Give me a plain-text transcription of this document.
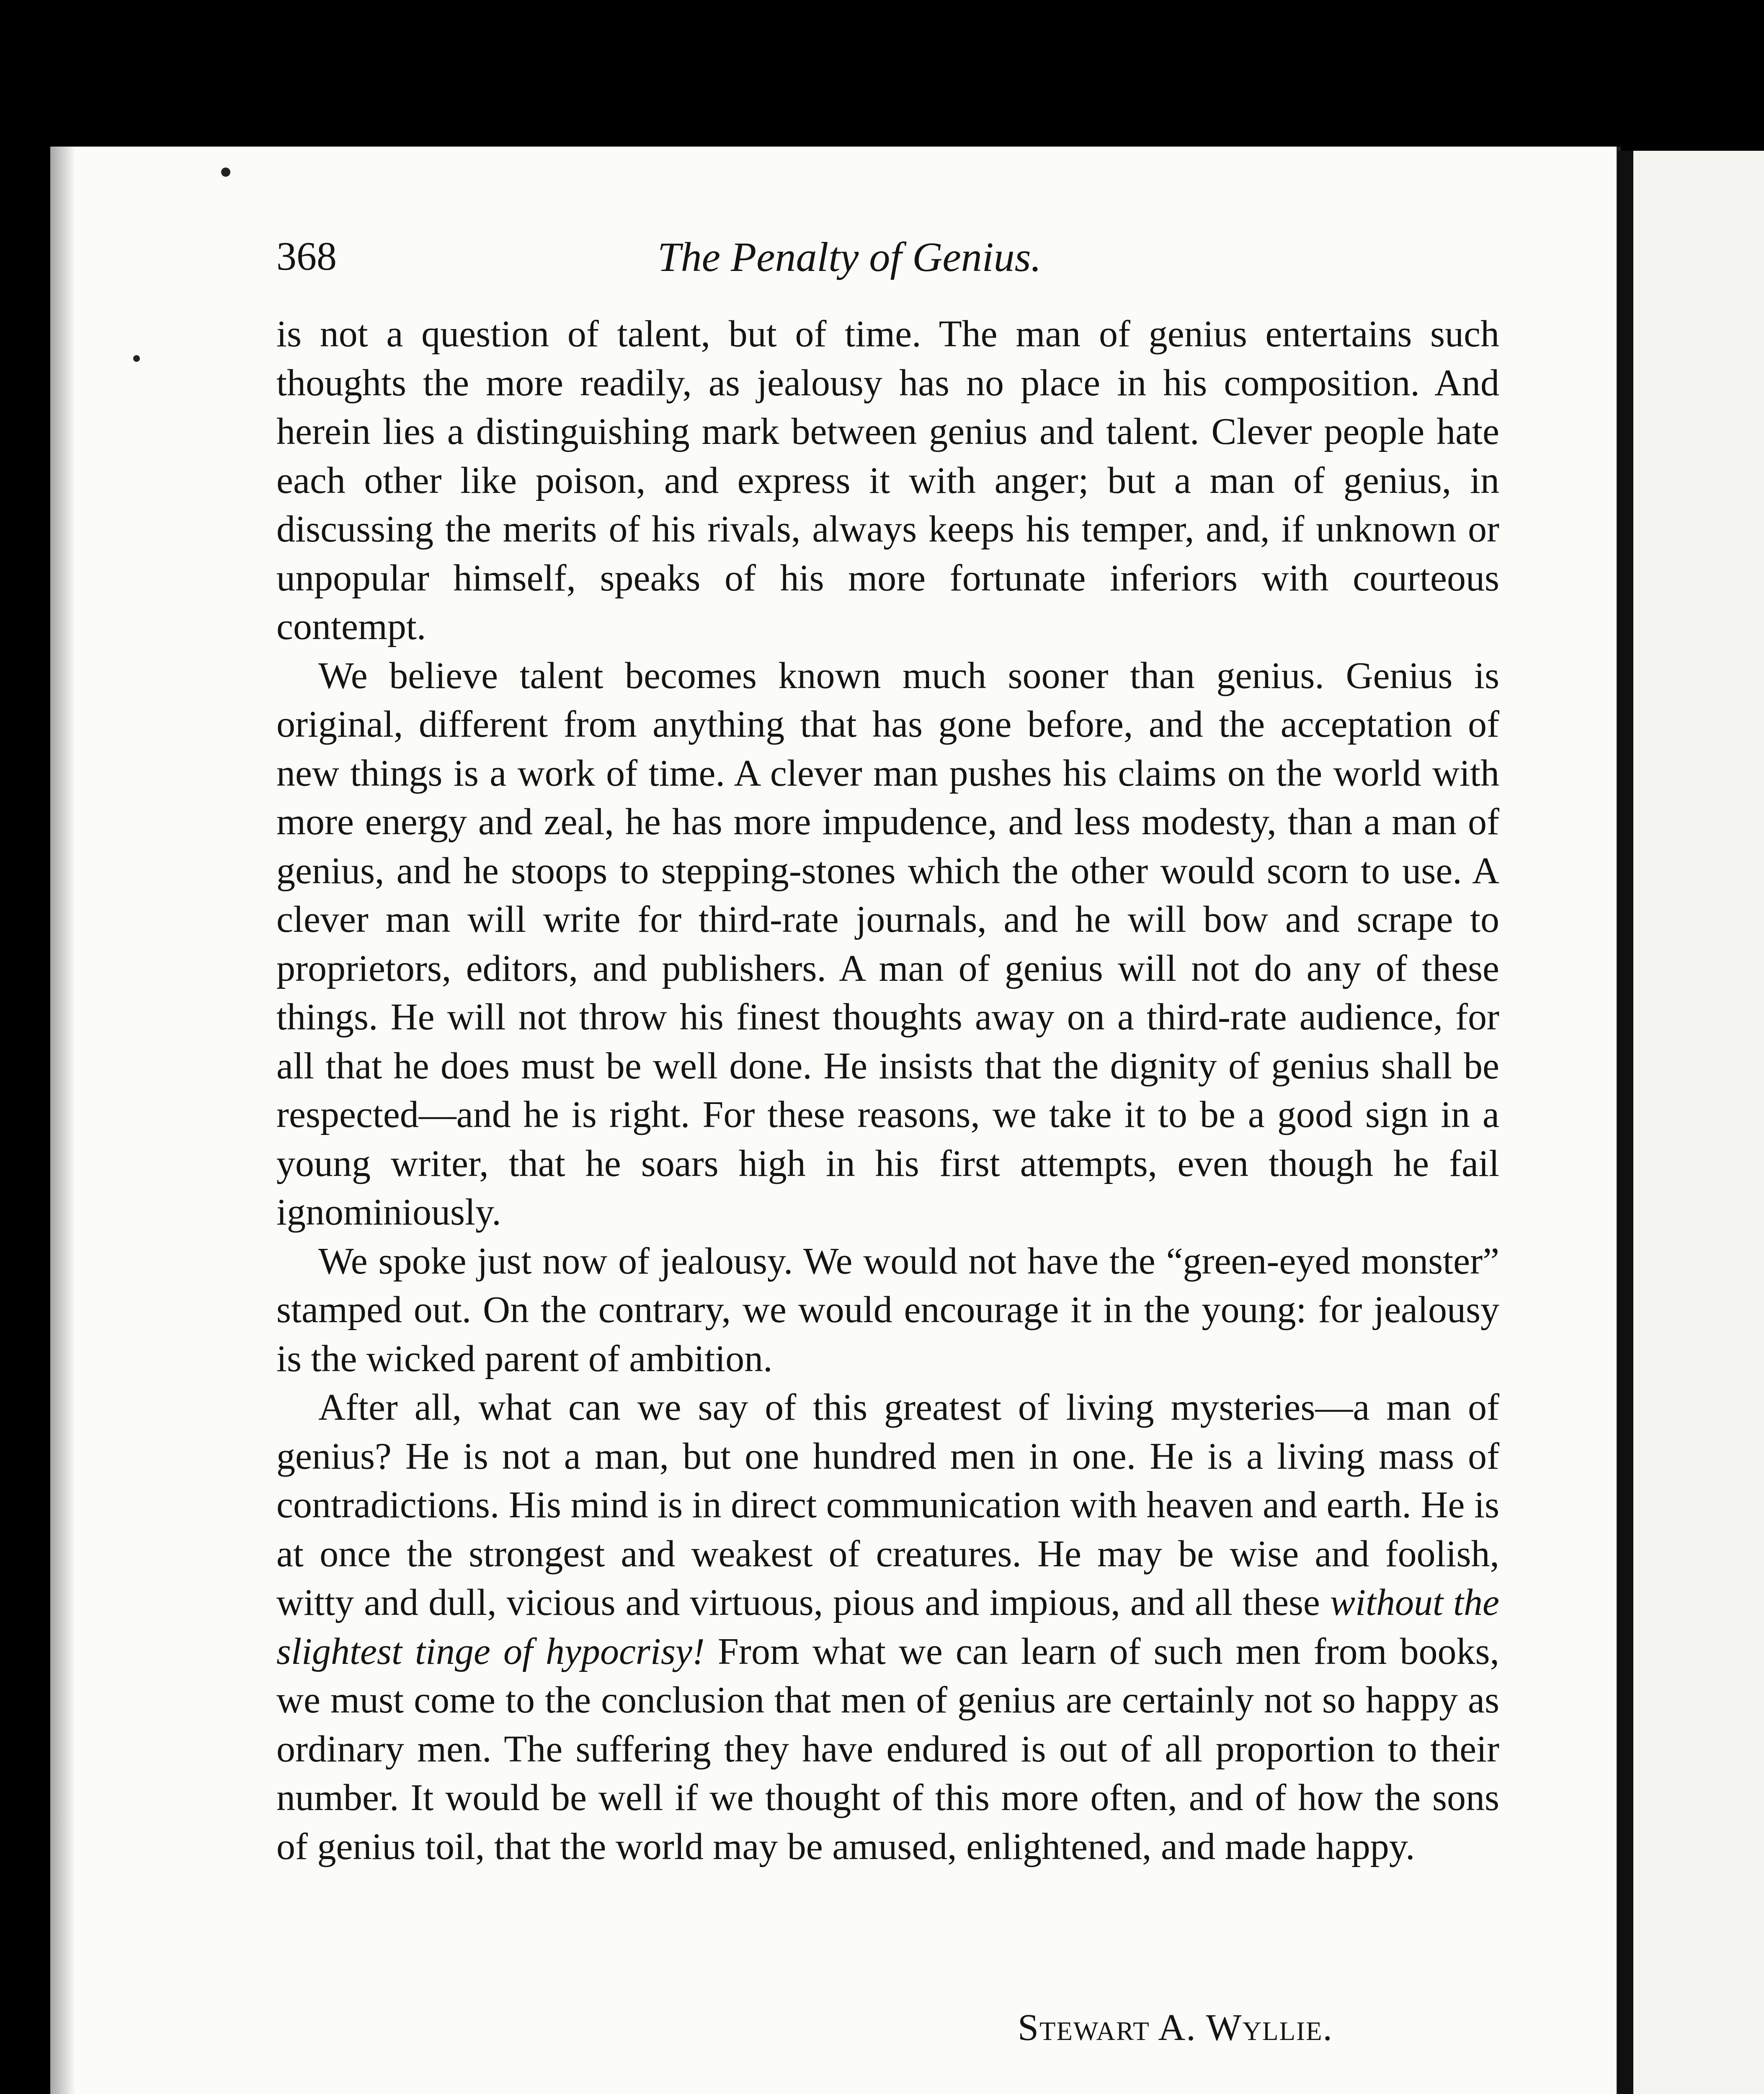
368	The Penalty of Genius.

is not a question of talent, but of time. The man of genius entertains such thoughts the more readily, as jealousy has no place in his composition. And herein lies a distinguishing mark between genius and talent. Clever people hate each other like poison, and express it with anger; but a man of genius, in discussing the merits of his rivals, always keeps his temper, and, if unknown or unpopular himself, speaks of his more fortunate inferiors with courteous contempt.

We believe talent becomes known much sooner than genius. Genius is original, different from anything that has gone before, and the acceptation of new things is a work of time. A clever man pushes his claims on the world with more energy and zeal, he has more impudence, and less modesty, than a man of genius, and he stoops to stepping-stones which the other would scorn to use. A clever man will write for third-rate journals, and he will bow and scrape to proprietors, editors, and publishers. A man of genius will not do any of these things. He will not throw his finest thoughts away on a third-rate audience, for all that he does must be well done. He insists that the dignity of genius shall be respected—and he is right. For these reasons, we take it to be a good sign in a young writer, that he soars high in his first attempts, even though he fail ignominiously.

We spoke just now of jealousy. We would not have the “green-eyed monster” stamped out. On the contrary, we would encourage it in the young: for jealousy is the wicked parent of ambition.

After all, what can we say of this greatest of living mysteries—a man of genius? He is not a man, but one hundred men in one. He is a living mass of contradictions. His mind is in direct communication with heaven and earth. He is at once the strongest and weakest of creatures. He may be wise and foolish, witty and dull, vicious and virtuous, pious and impious, and all these without the slightest tinge of hypocrisy! From what we can learn of such men from books, we must come to the conclusion that men of genius are certainly not so happy as ordinary men. The suffering they have endured is out of all proportion to their number. It would be well if we thought of this more often, and of how the sons of genius toil, that the world may be amused, enlightened, and made happy.

Stewart A. Wyllie.
